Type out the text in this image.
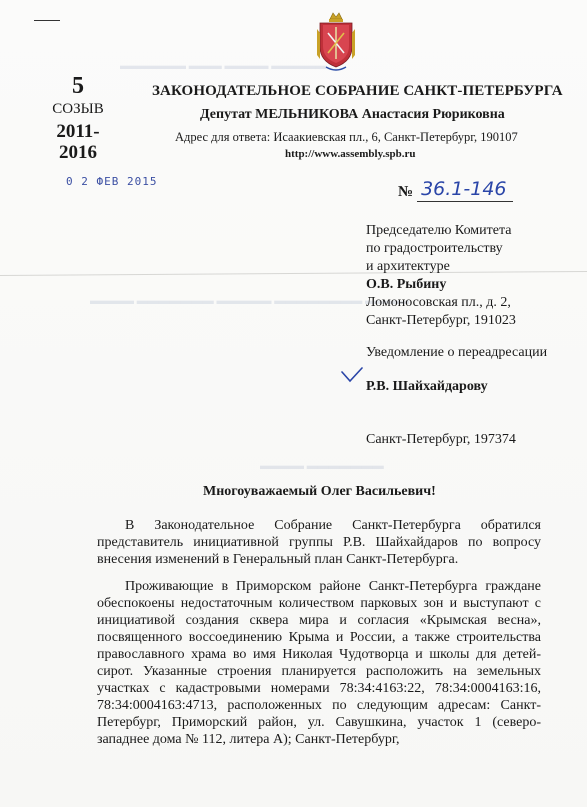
▬▬▬▬▬▬ ▬▬▬ ▬▬▬▬ ▬▬▬▬▬
▬▬▬▬ ▬▬▬▬▬▬▬ ▬▬▬▬▬ ▬▬▬▬▬▬▬▬ ▬▬▬▬
▬▬▬▬ ▬▬▬▬▬▬▬
5
СОЗЫВ
2011-
2016
ЗАКОНОДАТЕЛЬНОЕ СОБРАНИЕ САНКТ-ПЕТЕРБУРГА
Депутат МЕЛЬНИКОВА Анастасия Рюриковна
Адрес для ответа: Исаакиевская пл., 6, Санкт-Петербург, 190107
http://www.assembly.spb.ru
0 2 ФЕВ 2015
№ 36.1-146
Председателю Комитета
по градостроительству
и архитектуре
О.В. Рыбину
Ломоносовская пл., д. 2,
Санкт-Петербург, 191023
Уведомление о переадресации
Р.В. Шайхайдарову
Санкт-Петербург, 197374
Многоуважаемый Олег Васильевич!

В Законодательное Собрание Санкт-Петербурга обратился представитель инициативной группы Р.В. Шайхайдаров по вопросу внесения изменений в Генеральный план Санкт-Петербурга.

Проживающие в Приморском районе Санкт-Петербурга граждане обеспокоены недостаточным количеством парковых зон и выступают с инициативой создания сквера мира и согласия «Крымская весна», посвященного воссоединению Крыма и России, а также строительства православного храма во имя Николая Чудотворца и школы для детей-сирот. Указанные строения планируется расположить на земельных участках с кадастровыми номерами 78:34:4163:22, 78:34:0004163:16, 78:34:0004163:4713, расположенных по следующим адресам: Санкт-Петербург, Приморский район, ул. Савушкина, участок 1 (северо-западнее дома № 112, литера А); Санкт-Петербург,
